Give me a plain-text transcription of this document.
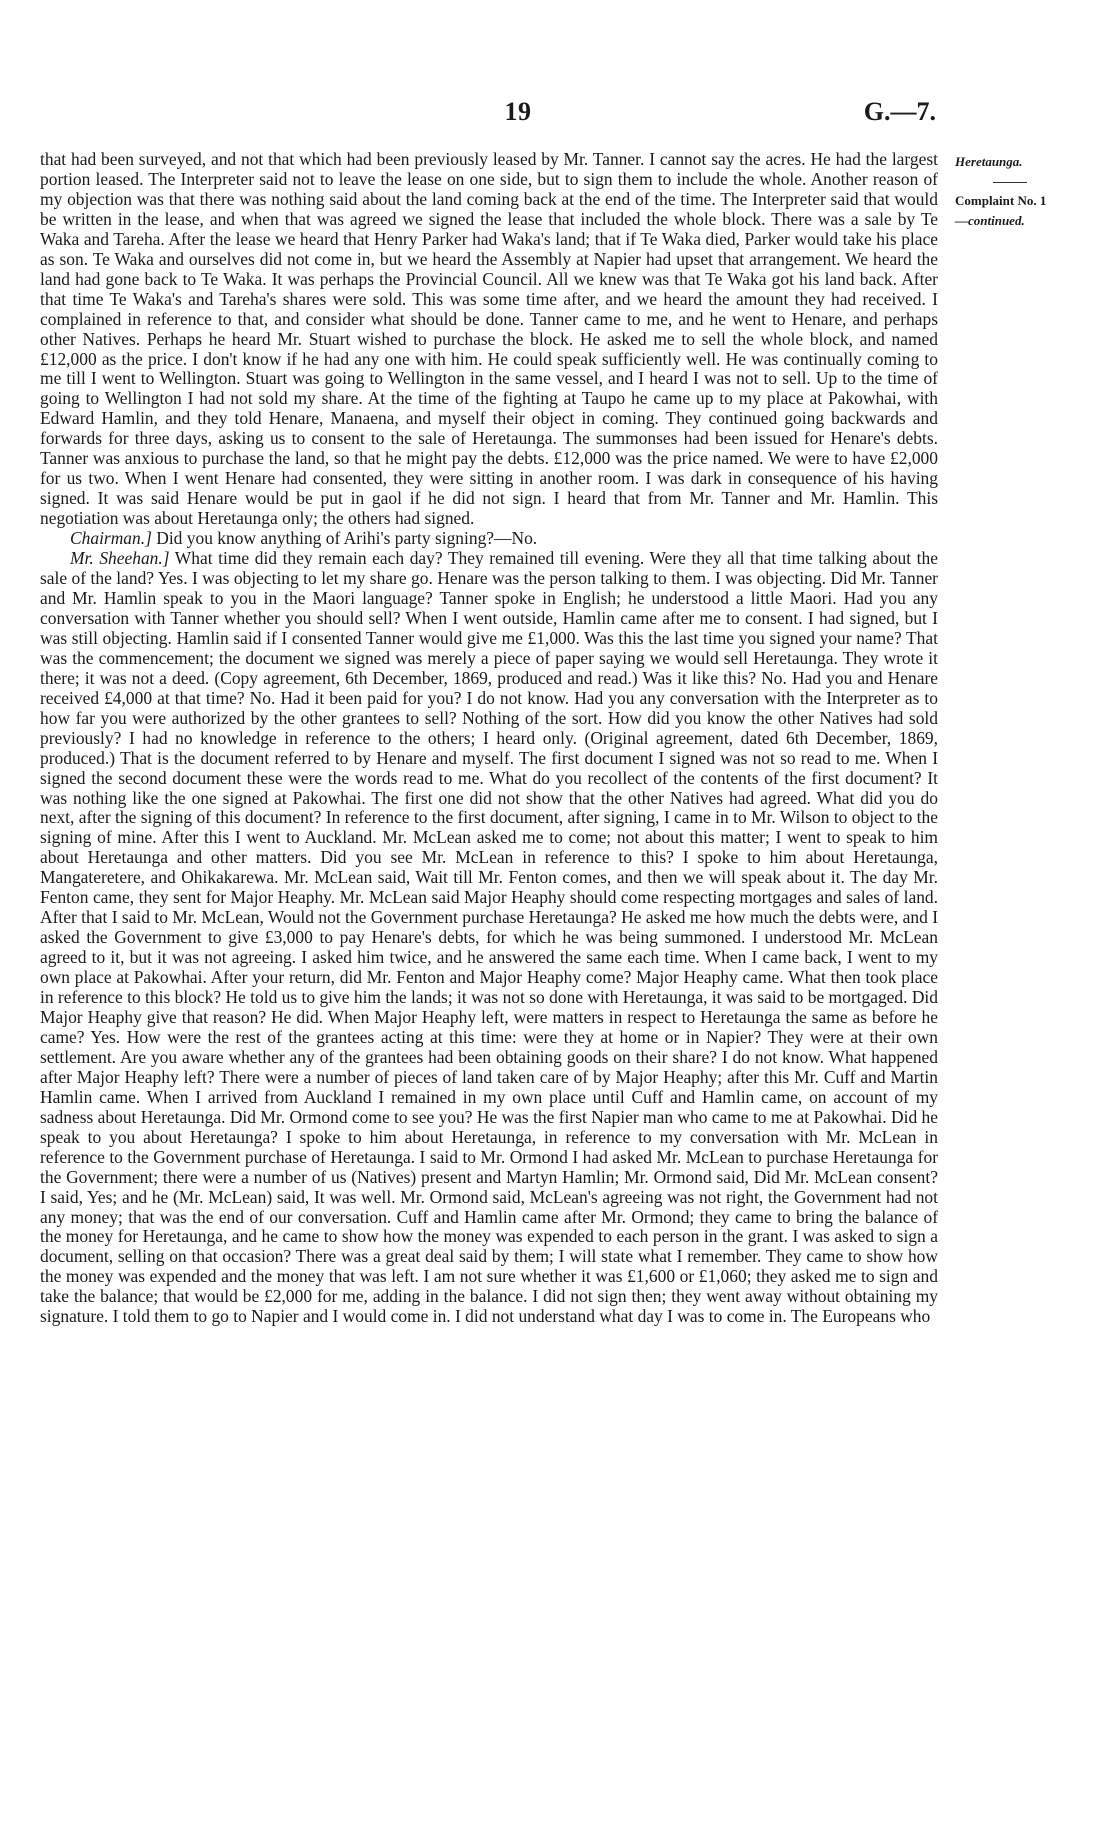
19	G.—7.

that had been surveyed, and not that which had been previously leased by Mr. Tanner. I cannot say the acres. He had the largest portion leased. The Interpreter said not to leave the lease on one side, but to sign them to include the whole. Another reason of my objection was that there was nothing said about the land coming back at the end of the time. The Interpreter said that would be written in the lease, and when that was agreed we signed the lease that included the whole block. There was a sale by Te Waka and Tareha. After the lease we heard that Henry Parker had Waka's land; that if Te Waka died, Parker would take his place as son. Te Waka and ourselves did not come in, but we heard the Assembly at Napier had upset that arrangement. We heard the land had gone back to Te Waka. It was perhaps the Provincial Council. All we knew was that Te Waka got his land back. After that time Te Waka's and Tareha's shares were sold. This was some time after, and we heard the amount they had received. I complained in reference to that, and consider what should be done. Tanner came to me, and he went to Henare, and perhaps other Natives. Perhaps he heard Mr. Stuart wished to purchase the block. He asked me to sell the whole block, and named £12,000 as the price. I don't know if he had any one with him. He could speak sufficiently well. He was continually coming to me till I went to Wellington. Stuart was going to Wellington in the same vessel, and I heard I was not to sell. Up to the time of going to Wellington I had not sold my share. At the time of the fighting at Taupo he came up to my place at Pakowhai, with Edward Hamlin, and they told Henare, Manaena, and myself their object in coming. They continued going backwards and forwards for three days, asking us to consent to the sale of Heretaunga. The summonses had been issued for Henare's debts. Tanner was anxious to purchase the land, so that he might pay the debts. £12,000 was the price named. We were to have £2,000 for us two. When I went Henare had consented, they were sitting in another room. I was dark in consequence of his having signed. It was said Henare would be put in gaol if he did not sign. I heard that from Mr. Tanner and Mr. Hamlin. This negotiation was about Heretaunga only; the others had signed.

Chairman.] Did you know anything of Arihi's party signing?—No.

Mr. Sheehan.] What time did they remain each day? They remained till evening. Were they all that time talking about the sale of the land? Yes. I was objecting to let my share go. Henare was the person talking to them. I was objecting. Did Mr. Tanner and Mr. Hamlin speak to you in the Maori language? Tanner spoke in English; he understood a little Maori. Had you any conversation with Tanner whether you should sell? When I went outside, Hamlin came after me to consent. I had signed, but I was still objecting. Hamlin said if I consented Tanner would give me £1,000. Was this the last time you signed your name? That was the commencement; the document we signed was merely a piece of paper saying we would sell Heretaunga. They wrote it there; it was not a deed. (Copy agreement, 6th December, 1869, produced and read.) Was it like this? No. Had you and Henare received £4,000 at that time? No. Had it been paid for you? I do not know. Had you any conversation with the Interpreter as to how far you were authorized by the other grantees to sell? Nothing of the sort. How did you know the other Natives had sold previously? I had no knowledge in reference to the others; I heard only. (Original agreement, dated 6th December, 1869, produced.) That is the document referred to by Henare and myself. The first document I signed was not so read to me. When I signed the second document these were the words read to me. What do you recollect of the contents of the first document? It was nothing like the one signed at Pakowhai. The first one did not show that the other Natives had agreed. What did you do next, after the signing of this document? In reference to the first document, after signing, I came in to Mr. Wilson to object to the signing of mine. After this I went to Auckland. Mr. McLean asked me to come; not about this matter; I went to speak to him about Heretaunga and other matters. Did you see Mr. McLean in reference to this? I spoke to him about Heretaunga, Mangateretere, and Ohikakarewa. Mr. McLean said, Wait till Mr. Fenton comes, and then we will speak about it. The day Mr. Fenton came, they sent for Major Heaphy. Mr. McLean said Major Heaphy should come respecting mortgages and sales of land. After that I said to Mr. McLean, Would not the Government purchase Heretaunga? He asked me how much the debts were, and I asked the Government to give £3,000 to pay Henare's debts, for which he was being summoned. I understood Mr. McLean agreed to it, but it was not agreeing. I asked him twice, and he answered the same each time. When I came back, I went to my own place at Pakowhai. After your return, did Mr. Fenton and Major Heaphy come? Major Heaphy came. What then took place in reference to this block? He told us to give him the lands; it was not so done with Heretaunga, it was said to be mortgaged. Did Major Heaphy give that reason? He did. When Major Heaphy left, were matters in respect to Heretaunga the same as before he came? Yes. How were the rest of the grantees acting at this time: were they at home or in Napier? They were at their own settlement. Are you aware whether any of the grantees had been obtaining goods on their share? I do not know. What happened after Major Heaphy left? There were a number of pieces of land taken care of by Major Heaphy; after this Mr. Cuff and Martin Hamlin came. When I arrived from Auckland I remained in my own place until Cuff and Hamlin came, on account of my sadness about Heretaunga. Did Mr. Ormond come to see you? He was the first Napier man who came to me at Pakowhai. Did he speak to you about Heretaunga? I spoke to him about Heretaunga, in reference to my conversation with Mr. McLean in reference to the Government purchase of Heretaunga. I said to Mr. Ormond I had asked Mr. McLean to purchase Heretaunga for the Government; there were a number of us (Natives) present and Martyn Hamlin; Mr. Ormond said, Did Mr. McLean consent? I said, Yes; and he (Mr. McLean) said, It was well. Mr. Ormond said, McLean's agreeing was not right, the Government had not any money; that was the end of our conversation. Cuff and Hamlin came after Mr. Ormond; they came to bring the balance of the money for Heretaunga, and he came to show how the money was expended to each person in the grant. I was asked to sign a document, selling on that occasion? There was a great deal said by them; I will state what I remember. They came to show how the money was expended and the money that was left. I am not sure whether it was £1,600 or £1,060; they asked me to sign and take the balance; that would be £2,000 for me, adding in the balance. I did not sign then; they went away without obtaining my signature. I told them to go to Napier and I would come in. I did not understand what day I was to come in. The Europeans who

Heretaunga.
Complaint No. 1
—continued.
